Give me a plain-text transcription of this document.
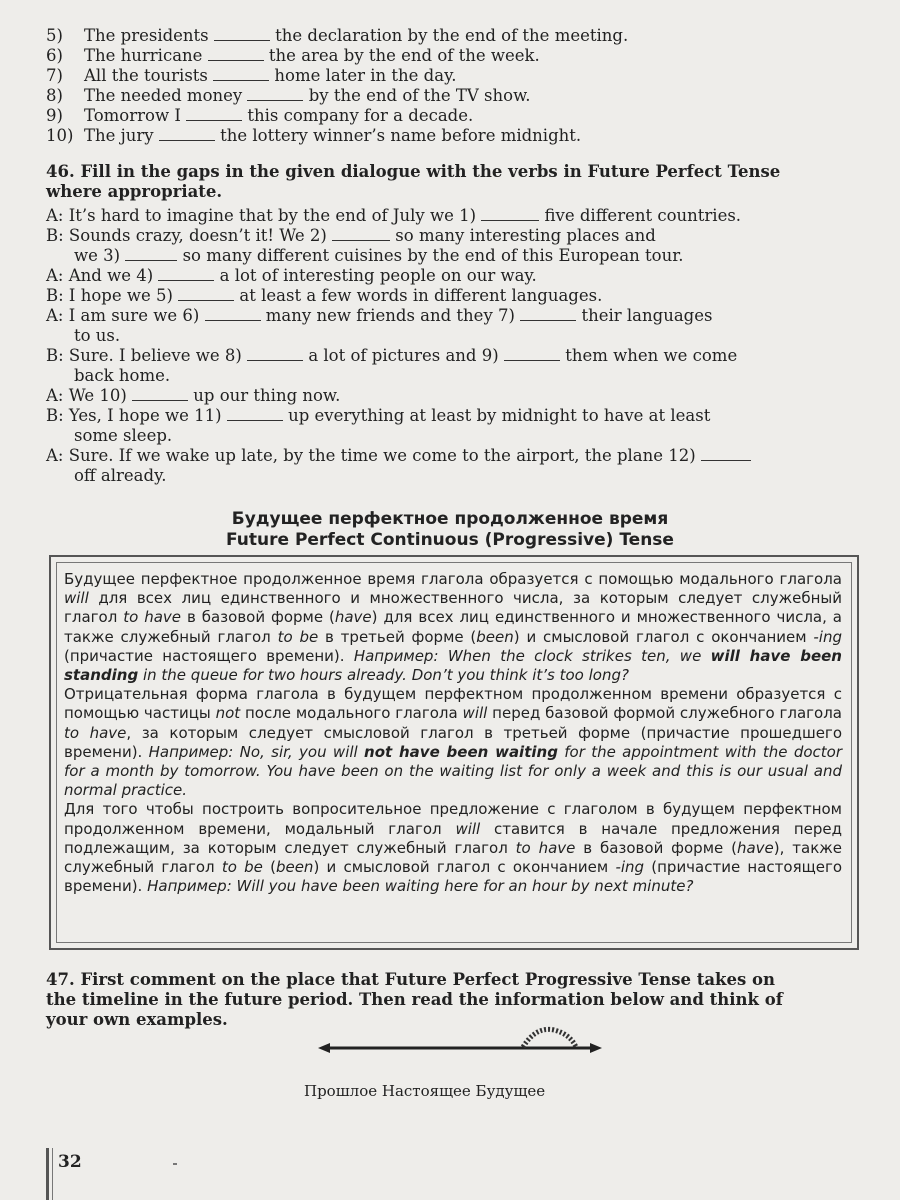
5) The presidents	the declaration by the end of the meeting.
6) The hurricane	the area by the end of the week.
7) All the tourists	home later in the day.
8) The needed money	by the end of the TV show.
9) Tomorrow I	this company for a decade.
10) The jury	the lottery winner’s name before midnight.
46. Fill in the gaps in the given dialogue with the verbs in Future Perfect Tense
where appropriate.
A: It’s hard to imagine that by the end of July we 1)	five different countries.
B: Sounds crazy, doesn’t it! We 2)	so many interesting places and
we 3)	so many different cuisines by the end of this European tour.
A: And we 4)	a lot of interesting people on our way.
B: I hope we 5)	at least a few words in different languages.
A: I am sure we 6)	many new friends and they 7)	their languages
to us.
B: Sure. I believe we 8)	a lot of pictures and 9)	them when we come
back home.
A: We 10)	up our thing now.
B: Yes, I hope we 11)	up everything at least by midnight to have at least
some sleep.
A: Sure. If we wake up late, by the time we come to the airport, the plane 12)
off already.
Будущее перфектное продолженное время
Future Perfect Continuous (Progressive) Tense

Будущее перфектное продолженное время глагола образуется с помощью модального глагола will для всех лиц единственного и множественного числа, за которым следует служебный глагол to have в базовой форме (have) для всех лиц единственного и множественного числа, а также служебный глагол to be в третьей форме (been) и смысловой глагол с окончанием -ing (причастие настоящего времени). Например: When the clock strikes ten, we will have been standing in the queue for two hours already. Don’t you think it’s too long?

Отрицательная форма глагола в будущем перфектном продолженном времени образуется с помощью частицы not после модального глагола will перед базовой формой служебного глагола to have, за которым следует смысловой глагол в третьей форме (причастие прошедшего времени). Например: No, sir, you will not have been waiting for the appointment with the doctor for a month by tomorrow. You have been on the waiting list for only a week and this is our usual and normal practice.

Для того чтобы построить вопросительное предложение с глаголом в будущем перфектном продолженном времени, модальный глагол will ставится в начале предложения перед подлежащим, за которым следует служебный глагол to have в базовой форме (have), также служебный глагол to be (been) и смысловой глагол с окончанием -ing (причастие настоящего времени). Например: Will you have been waiting here for an hour by next minute?

47. First comment on the place that Future Perfect Progressive Tense takes on
the timeline in the future period. Then read the information below and think of
your own examples.
Прошлое Настоящее Будущее
32
